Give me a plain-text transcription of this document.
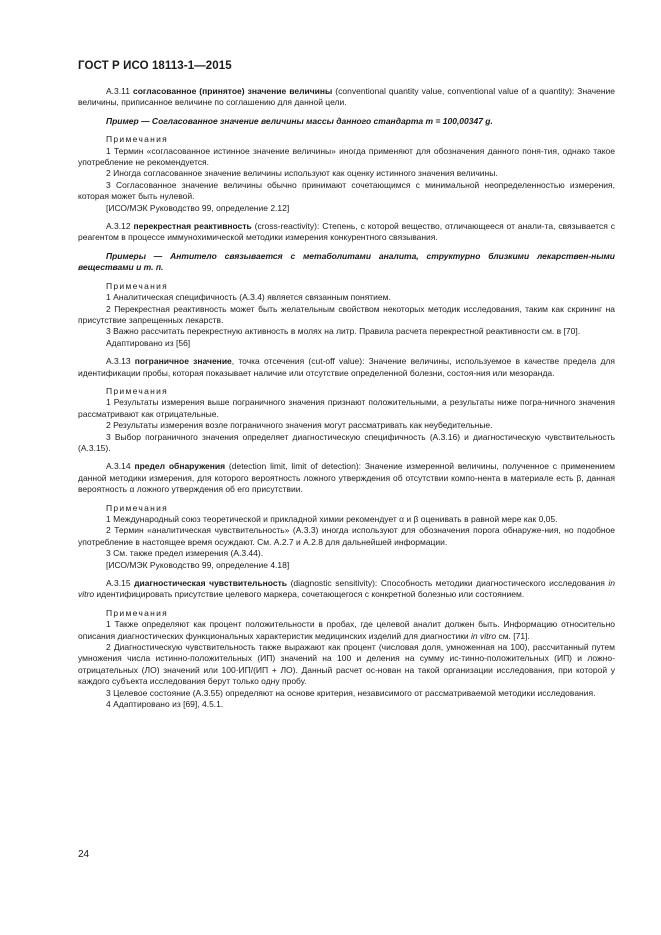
ГОСТ Р ИСО 18113-1—2015

A.3.11 согласованное (принятое) значение величины (conventional quantity value, conventional value of a quantity): Значение величины, приписанное величине по соглашению для данной цели.

Пример — Согласованное значение величины массы данного стандарта m = 100,00347 g.

Примечания

1 Термин «согласованное истинное значение величины» иногда применяют для обозначения данного поня-тия, однако такое употребление не рекомендуется.

2 Иногда согласованное значение величины используют как оценку истинного значения величины.

3 Согласованное значение величины обычно принимают сочетающимся с минимальной неопределенностью измерения, которая может быть нулевой.

[ИСО/МЭК Руководство 99, определение 2.12]

A.3.12 перекрестная реактивность (cross-reactivity): Степень, с которой вещество, отличающееся от анали-та, связывается с реагентом в процессе иммунохимической методики измерения конкурентного связывания.

Примеры — Антитело связывается с метаболитами аналита, структурно близкими лекарствен-ными веществами и т. п.

Примечания

1 Аналитическая специфичность (A.3.4) является связанным понятием.

2 Перекрестная реактивность может быть желательным свойством некоторых методик исследования, таким как скрининг на присутствие запрещенных лекарств.

3 Важно рассчитать перекрестную активность в молях на литр. Правила расчета перекрестной реактивности см. в [70].

Адаптировано из [56]

A.3.13 пограничное значение, точка отсечения (cut-off value): Значение величины, используемое в качестве предела для идентификации пробы, которая показывает наличие или отсутствие определенной болезни, состоя-ния или мезоранда.

Примечания

1 Результаты измерения выше пограничного значения признают положительными, а результаты ниже погра-ничного значения рассматривают как отрицательные.

2 Результаты измерения возле пограничного значения могут рассматривать как неубедительные.

3 Выбор пограничного значения определяет диагностическую специфичность (A.3.16) и диагностическую чувствительность (A.3.15).

A.3.14 предел обнаружения (detection limit, limit of detection): Значение измеренной величины, полученное с применением данной методики измерения, для которого вероятность ложного утверждения об отсутствии компо-нента в материале есть β, данная вероятность α ложного утверждения об его присутствии.

Примечания

1 Международный союз теоретической и прикладной химии рекомендует α и β оценивать в равной мере как 0,05.

2 Термин «аналитическая чувствительность» (A.3.3) иногда используют для обозначения порога обнаруже-ния, но подобное употребление в настоящее время осуждают. См. A.2.7 и A.2.8 для дальнейшей информации.

3 См. также предел измерения (A.3.44).

[ИСО/МЭК Руководство 99, определение 4.18]

A.3.15 диагностическая чувствительность (diagnostic sensitivity): Способность методики диагностического исследования in vitro идентифицировать присутствие целевого маркера, сочетающегося с конкретной болезнью или состоянием.

Примечания

1 Также определяют как процент положительности в пробах, где целевой аналит должен быть. Информацию относительно описания диагностических функциональных характеристик медицинских изделий для диагностики in vitro см. [71].

2 Диагностическую чувствительность также выражают как процент (числовая доля, умноженная на 100), рассчитанный путем умножения числа истинно-положительных (ИП) значений на 100 и деления на сумму ис-тинно-положительных (ИП) и ложно-отрицательных (ЛО) значений или 100·ИП/(ИП + ЛО). Данный расчет ос-нован на такой организации исследования, при которой у каждого субъекта исследования берут только одну пробу.

3 Целевое состояние (A.3.55) определяют на основе критерия, независимого от рассматриваемой методики исследования.

4 Адаптировано из [69], 4.5.1.

24
